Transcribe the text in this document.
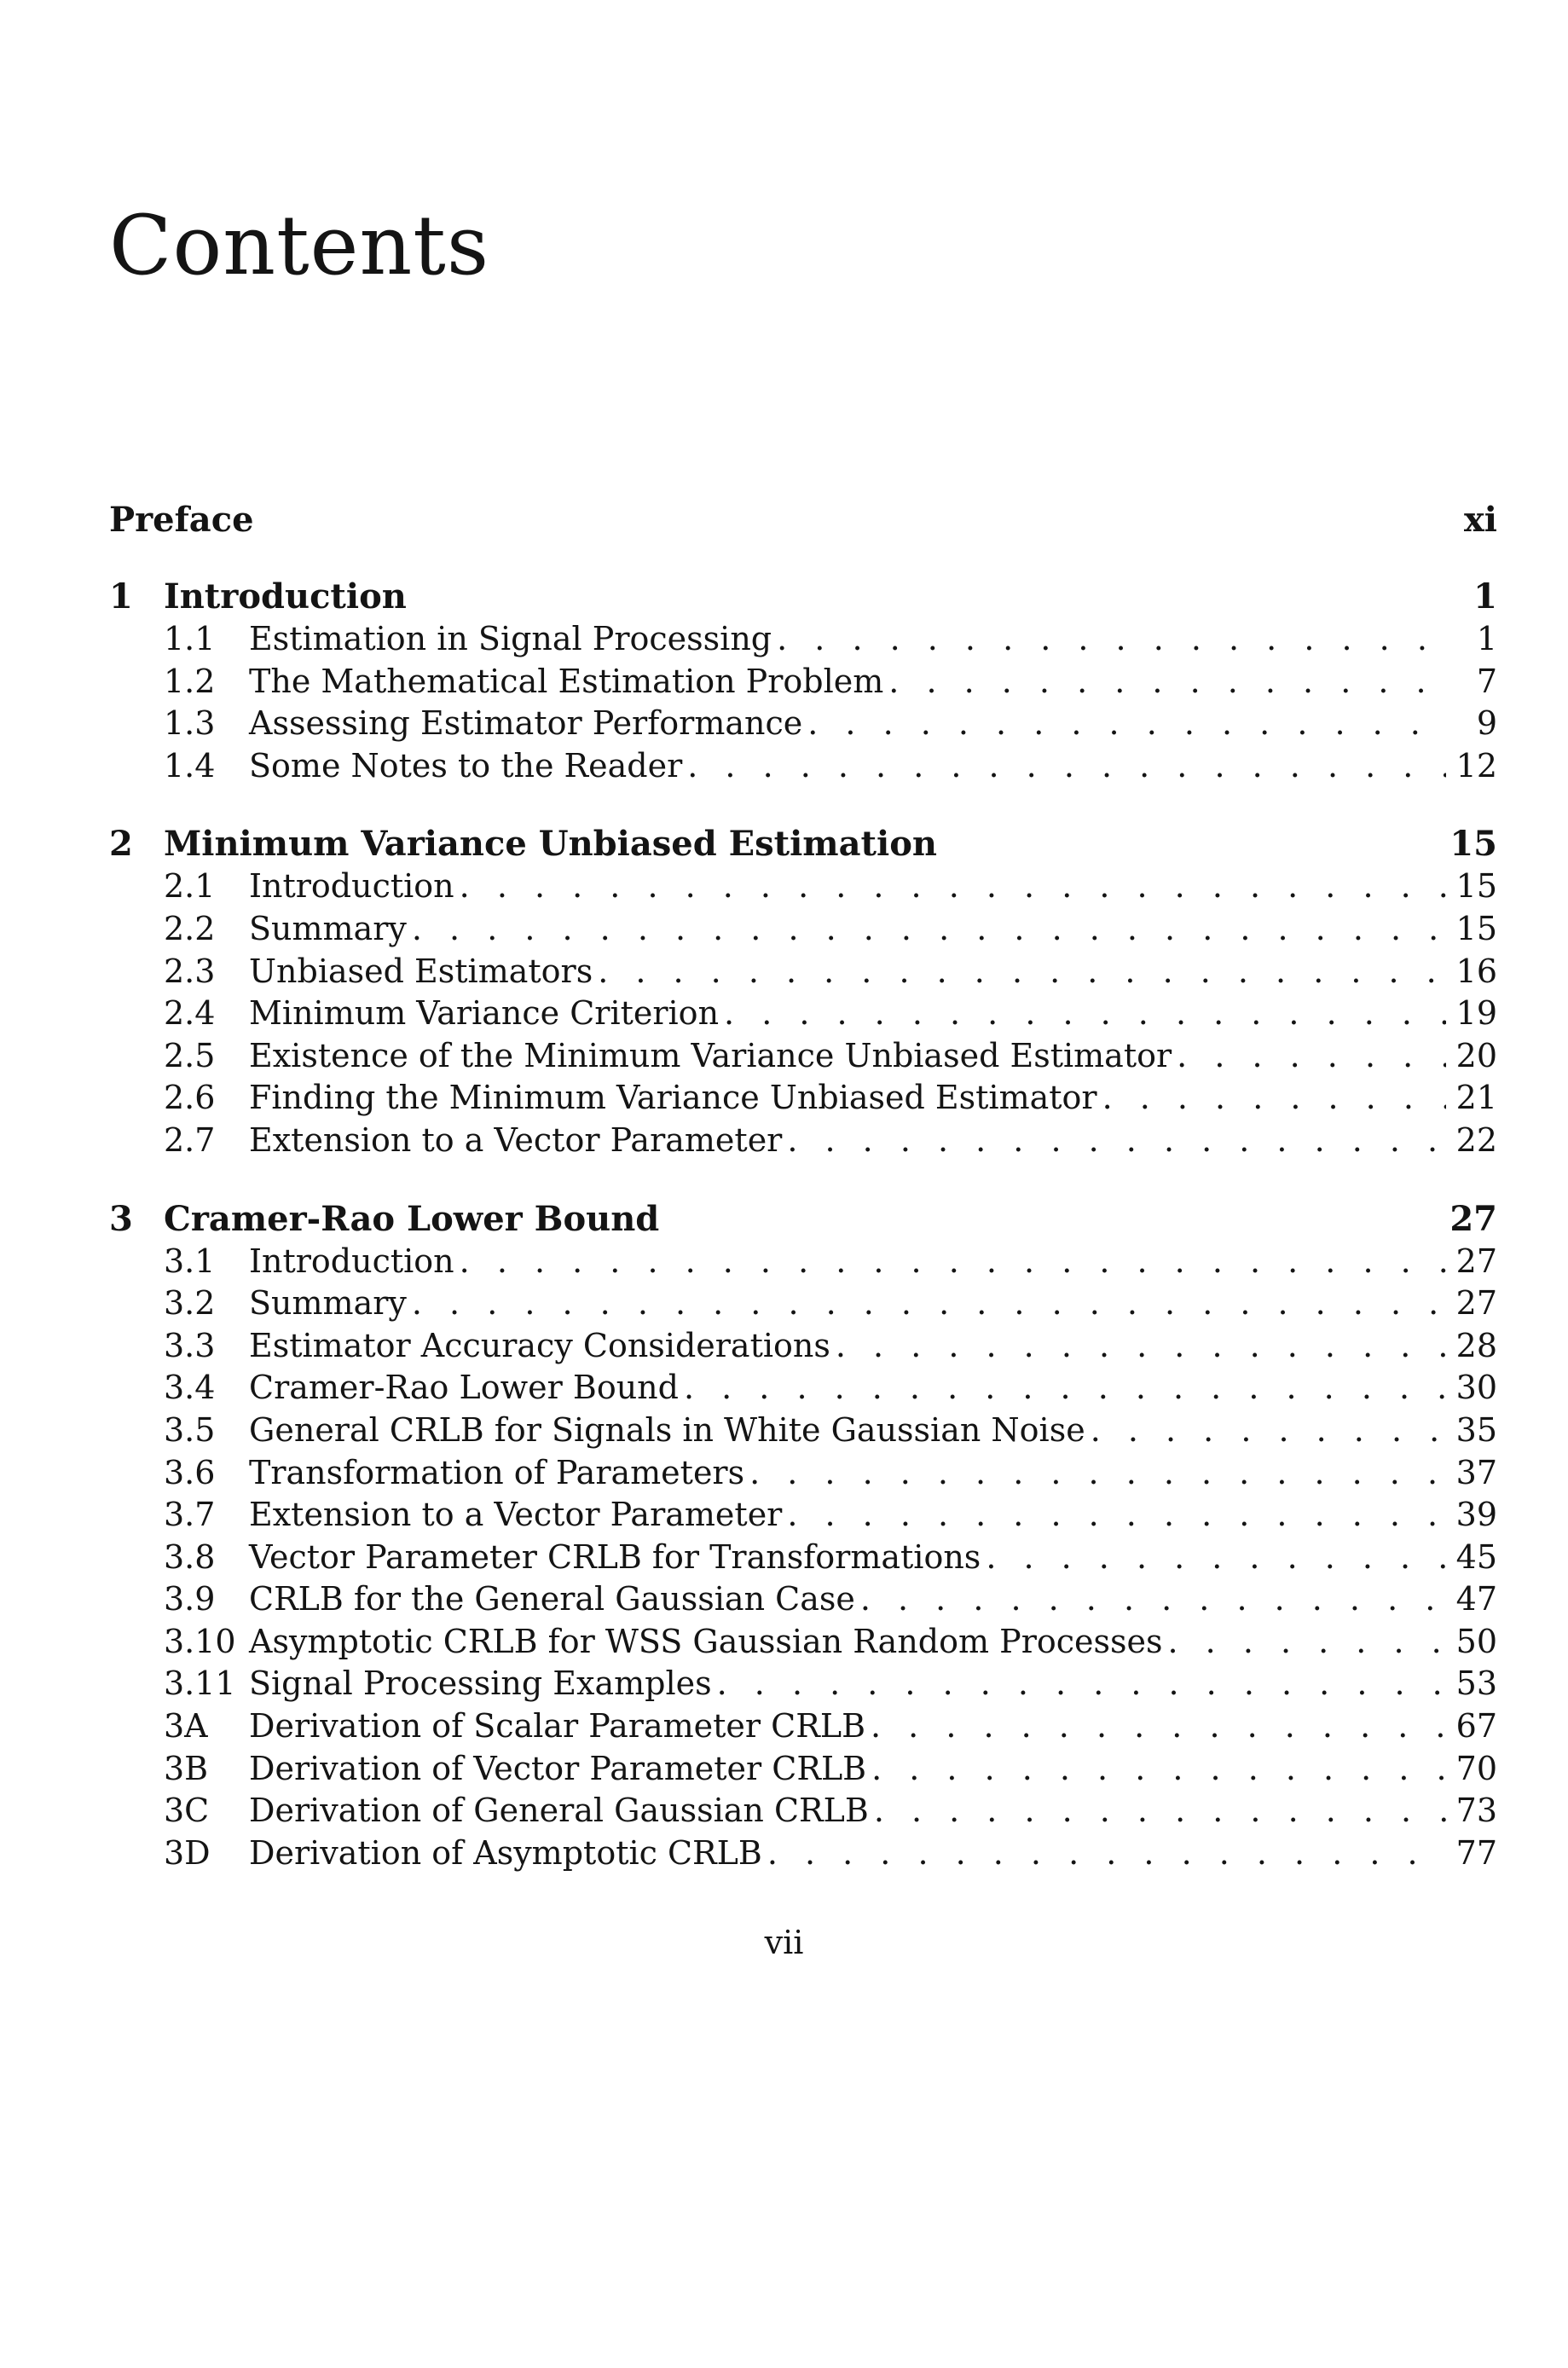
Contents
Preface	xi
1 Introduction	1
1.1	Estimation in Signal Processing . . .	1
1.2	The Mathematical Estimation Problem . . .	7
1.3	Assessing Estimator Performance . . .	9
1.4	Some Notes to the Reader . . .	12
2 Minimum Variance Unbiased Estimation	15
2.1	Introduction . . .	15
2.2	Summary . . .	15
2.3	Unbiased Estimators . . .	16
2.4	Minimum Variance Criterion . . .	19
2.5	Existence of the Minimum Variance Unbiased Estimator . . .	20
2.6	Finding the Minimum Variance Unbiased Estimator . . .	21
2.7	Extension to a Vector Parameter . . .	22
3 Cramer-Rao Lower Bound	27
3.1	Introduction . . .	27
3.2	Summary . . .	27
3.3	Estimator Accuracy Considerations . . .	28
3.4	Cramer-Rao Lower Bound . . .	30
3.5	General CRLB for Signals in White Gaussian Noise . . .	35
3.6	Transformation of Parameters . . .	37
3.7	Extension to a Vector Parameter . . .	39
3.8	Vector Parameter CRLB for Transformations . . .	45
3.9	CRLB for the General Gaussian Case . . .	47
3.10 Asymptotic CRLB for WSS Gaussian Random Processes . . .	50
3.11 Signal Processing Examples . . .	53
3A	Derivation of Scalar Parameter CRLB . . .	67
3B	Derivation of Vector Parameter CRLB . . .	70
3C	Derivation of General Gaussian CRLB . . .	73
3D	Derivation of Asymptotic CRLB . . .	77
vii
